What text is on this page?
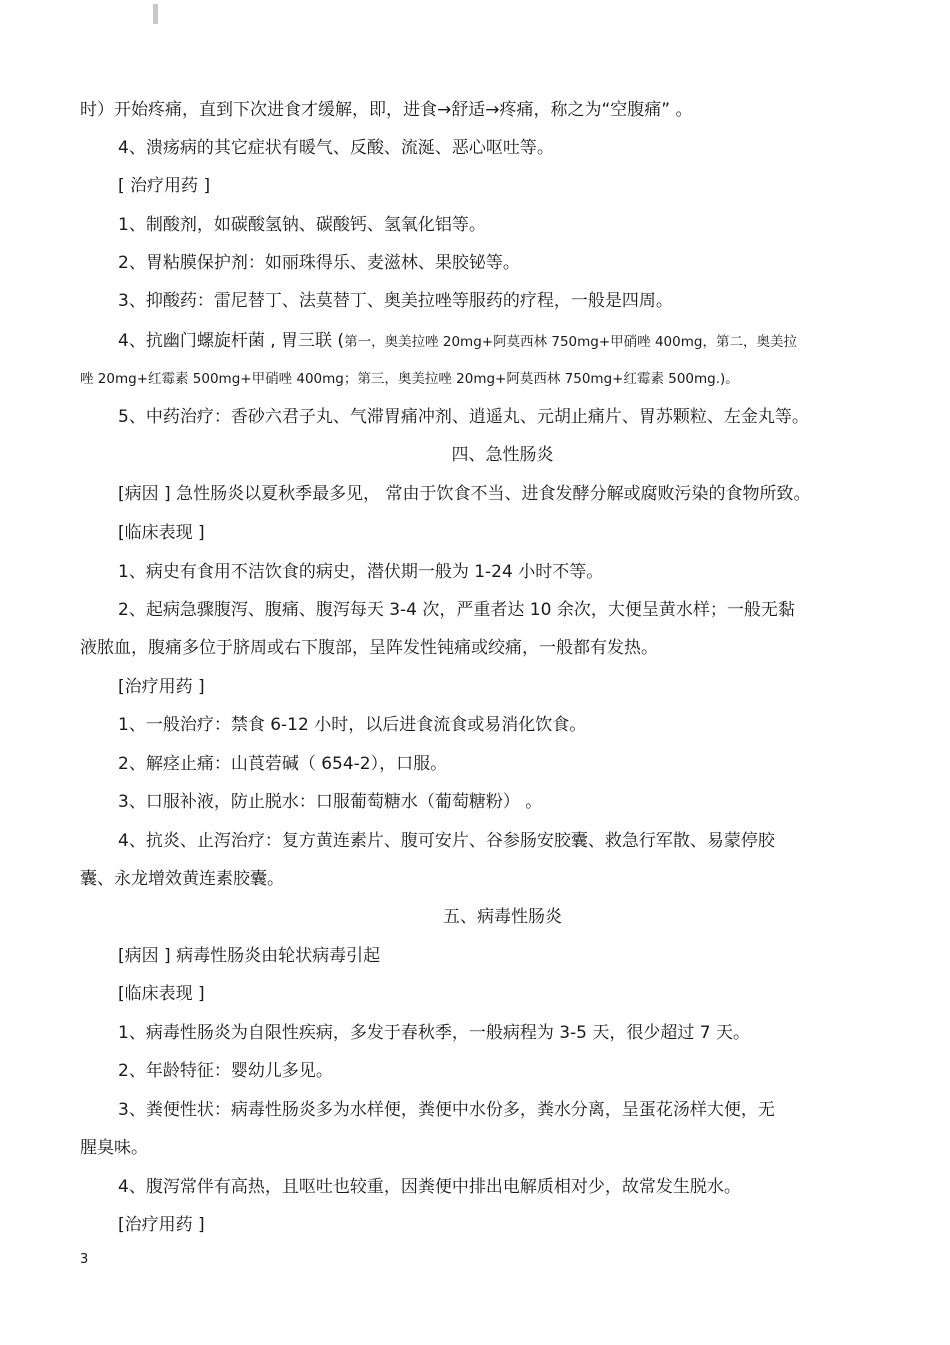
时）开始疼痛，直到下次进食才缓解，即，进食→舒适→疼痛，称之为“空腹痛” 。
4、溃疡病的其它症状有暖气、反酸、流涎、恶心呕吐等。
[ 治疗用药 ]
1、制酸剂，如碳酸氢钠、碳酸钙、氢氧化铝等。
2、胃粘膜保护剂：如丽珠得乐、麦滋林、果胶铋等。
3、抑酸药：雷尼替丁、法莫替丁、奥美拉唑等服药的疗程，一般是四周。
4、抗幽门螺旋杆菌 , 胃三联 (第一，奥美拉唑 20mg+阿莫西林 750mg+甲硝唑 400mg，第二，奥美拉
唑 20mg+红霉素 500mg+甲硝唑 400mg；第三，奥美拉唑 20mg+阿莫西林 750mg+红霉素 500mg.)。
5、中药治疗：香砂六君子丸、气滞胃痛冲剂、逍遥丸、元胡止痛片、胃苏颗粒、左金丸等。
四、急性肠炎
[病因 ] 急性肠炎以夏秋季最多见， 常由于饮食不当、进食发酵分解或腐败污染的食物所致。
[临床表现 ]
1、病史有食用不洁饮食的病史，潜伏期一般为 1-24 小时不等。
2、起病急骤腹泻、腹痛、腹泻每天 3-4 次，严重者达 10 余次，大便呈黄水样；一般无黏
液脓血，腹痛多位于脐周或右下腹部，呈阵发性钝痛或绞痛，一般都有发热。
[治疗用药 ]
1、一般治疗：禁食 6-12 小时，以后进食流食或易消化饮食。
2、解痉止痛：山莨菪碱（ 654-2），口服。
3、口服补液，防止脱水：口服葡萄糖水（葡萄糖粉） 。
4、抗炎、止泻治疗：复方黄连素片、腹可安片、谷参肠安胶囊、救急行军散、易蒙停胶
囊、永龙增效黄连素胶囊。
五、病毒性肠炎
[病因 ] 病毒性肠炎由轮状病毒引起
[临床表现 ]
1、病毒性肠炎为自限性疾病，多发于春秋季，一般病程为 3-5 天，很少超过 7 天。
2、年龄特征：婴幼儿多见。
3、粪便性状：病毒性肠炎多为水样便，粪便中水份多，粪水分离，呈蛋花汤样大便，无
腥臭味。
4、腹泻常伴有高热，且呕吐也较重，因粪便中排出电解质相对少，故常发生脱水。
[治疗用药 ]
3
